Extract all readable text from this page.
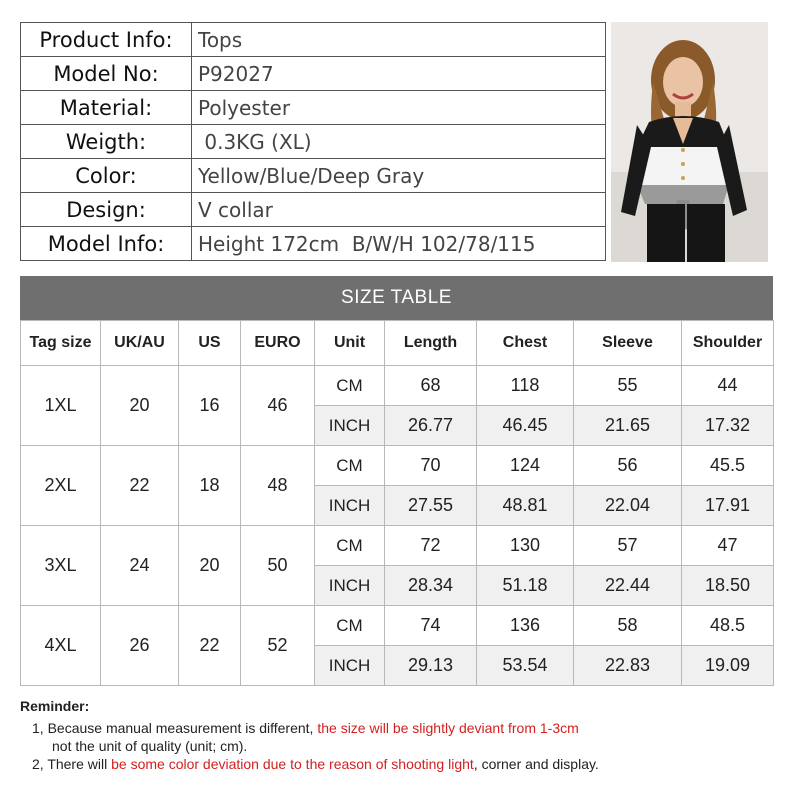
Product Info:	Tops
Model No:	P92027
Material:	Polyester
Weigth:	0.3KG (XL)
Color:	Yellow/Blue/Deep Gray
Design:	V collar
Model Info:	Height 172cm  B/W/H 102/78/115
SIZE TABLE
Tag size	UK/AU	US	EURO	Unit	Length	Chest	Sleeve	Shoulder
1XL	20	16	46	CM	68	118	55	44
				INCH	26.77	46.45	21.65	17.32
2XL	22	18	48	CM	70	124	56	45.5
				INCH	27.55	48.81	22.04	17.91
3XL	24	20	50	CM	72	130	57	47
				INCH	28.34	51.18	22.44	18.50
4XL	26	22	52	CM	74	136	58	48.5
				INCH	29.13	53.54	22.83	19.09
Reminder:
1, Because manual measurement is different, the size will be slightly deviant from 1-3cm
not the unit of quality (unit; cm).
2, There will be some color deviation due to the reason of shooting light, corner and display.
